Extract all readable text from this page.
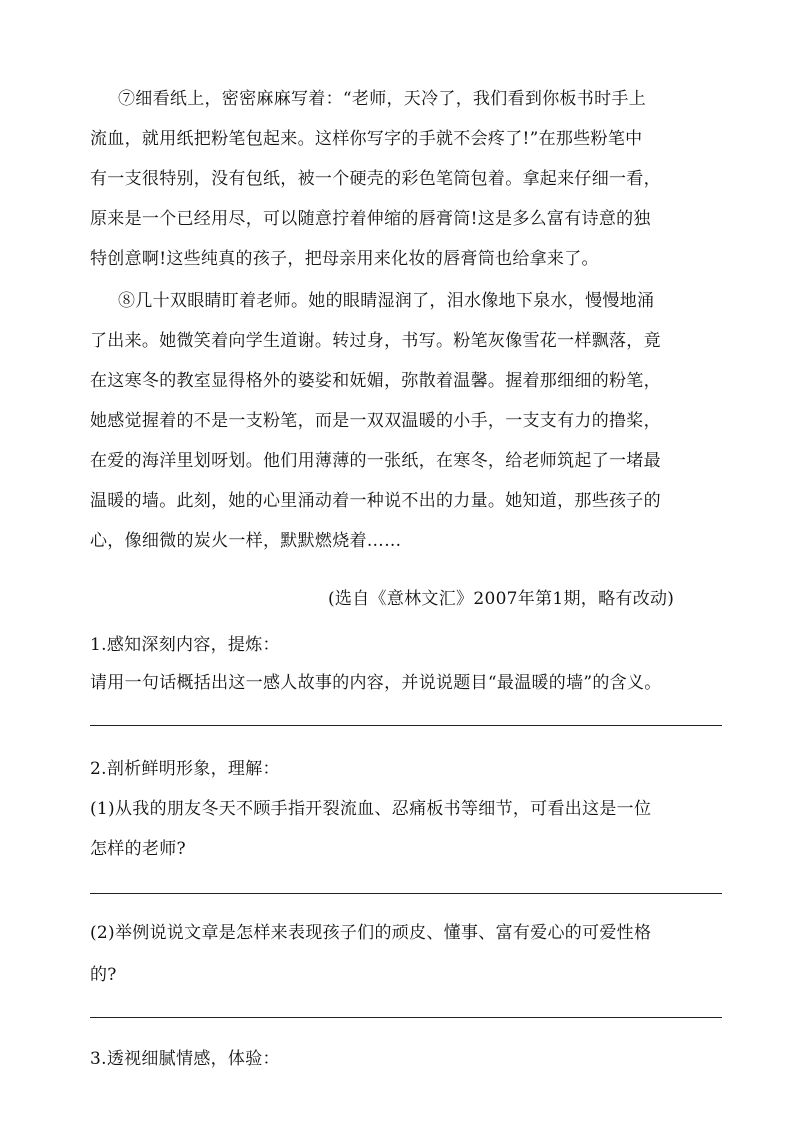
⑦细看纸上，密密麻麻写着：“老师，天冷了，我们看到你板书时手上
流血，就用纸把粉笔包起来。这样你写字的手就不会疼了!”在那些粉笔中
有一支很特别，没有包纸，被一个硬壳的彩色笔筒包着。拿起来仔细一看，
原来是一个已经用尽，可以随意拧着伸缩的唇膏筒!这是多么富有诗意的独
特创意啊!这些纯真的孩子，把母亲用来化妆的唇膏筒也给拿来了。
⑧几十双眼睛盯着老师。她的眼睛湿润了，泪水像地下泉水，慢慢地涌
了出来。她微笑着向学生道谢。转过身，书写。粉笔灰像雪花一样飘落，竟
在这寒冬的教室显得格外的婆娑和妩媚，弥散着温馨。握着那细细的粉笔，
她感觉握着的不是一支粉笔，而是一双双温暖的小手，一支支有力的撸桨，
在爱的海洋里划呀划。他们用薄薄的一张纸，在寒冬，给老师筑起了一堵最
温暖的墙。此刻，她的心里涌动着一种说不出的力量。她知道，那些孩子的
心，像细微的炭火一样，默默燃烧着……
(选自《意林文汇》2007年第1期，略有改动)
1.感知深刻内容，提炼：
请用一句话概括出这一感人故事的内容，并说说题目“最温暖的墙”的含义。
2.剖析鲜明形象，理解：
(1)从我的朋友冬天不顾手指开裂流血、忍痛板书等细节，可看出这是一位
怎样的老师?
(2)举例说说文章是怎样来表现孩子们的顽皮、懂事、富有爱心的可爱性格
的?
3.透视细腻情感，体验：
